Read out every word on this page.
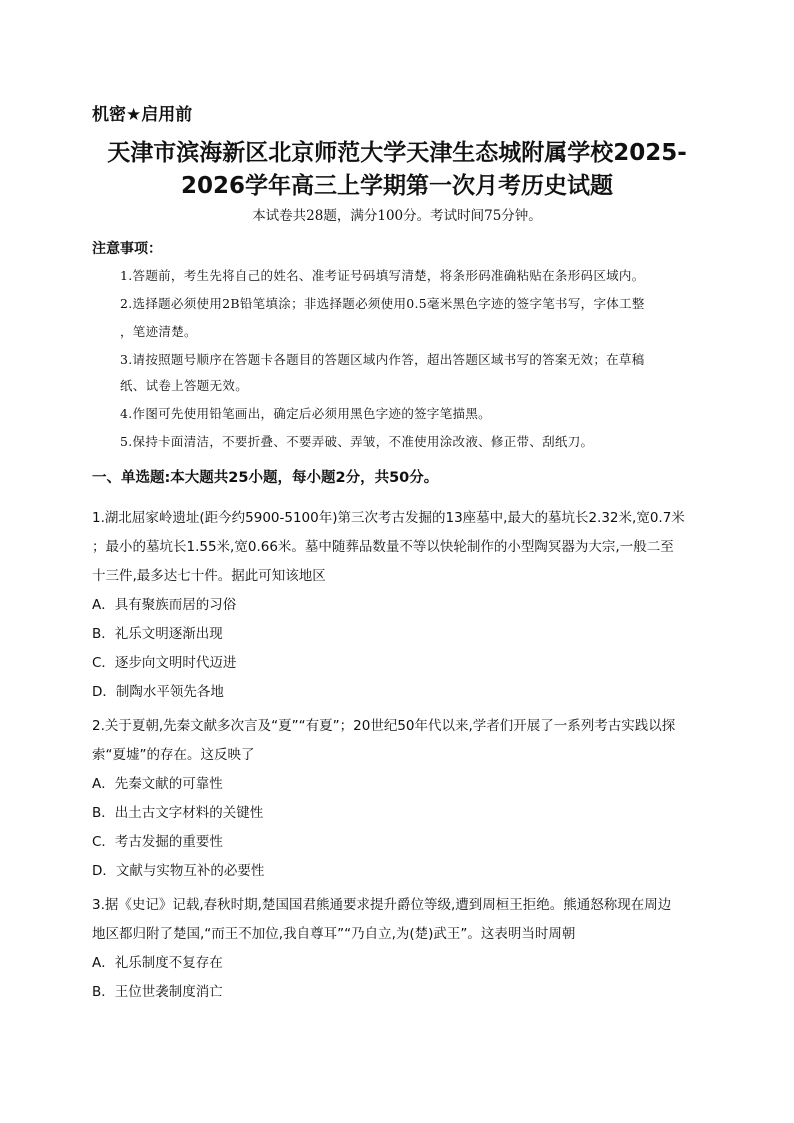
机密★启用前
天津市滨海新区北京师范大学天津生态城附属学校2025-
2026学年高三上学期第一次月考历史试题
本试卷共28题，满分100分。考试时间75分钟。
注意事项：
1.答题前，考生先将自己的姓名、准考证号码填写清楚，将条形码准确粘贴在条形码区域内。
2.选择题必须使用2B铅笔填涂；非选择题必须使用0.5毫米黑色字迹的签字笔书写，字体工整
，笔迹清楚。
3.请按照题号顺序在答题卡各题目的答题区域内作答，超出答题区域书写的答案无效；在草稿
纸、试卷上答题无效。
4.作图可先使用铅笔画出，确定后必须用黑色字迹的签字笔描黑。
5.保持卡面清洁，不要折叠、不要弄破、弄皱，不准使用涂改液、修正带、刮纸刀。
一、单选题:本大题共25小题，每小题2分，共50分。
1.湖北屈家岭遗址(距今约5900-5100年)第三次考古发掘的13座墓中,最大的墓坑长2.32米,宽0.7米
；最小的墓坑长1.55米,宽0.66米。墓中随葬品数量不等以快轮制作的小型陶冥器为大宗,一般二至
十三件,最多达七十件。据此可知该地区
A．具有聚族而居的习俗
B．礼乐文明逐渐出现
C．逐步向文明时代迈进
D．制陶水平领先各地
2.关于夏朝,先秦文献多次言及“夏”“有夏”；20世纪50年代以来,学者们开展了一系列考古实践以探
索“夏墟”的存在。这反映了
A．先秦文献的可靠性
B．出土古文字材料的关键性
C．考古发掘的重要性
D．文献与实物互补的必要性
3.据《史记》记载,春秋时期,楚国国君熊通要求提升爵位等级,遭到周桓王拒绝。熊通怒称现在周边
地区都归附了楚国,“而王不加位,我自尊耳”“乃自立,为(楚)武王”。这表明当时周朝
A．礼乐制度不复存在
B．王位世袭制度消亡
